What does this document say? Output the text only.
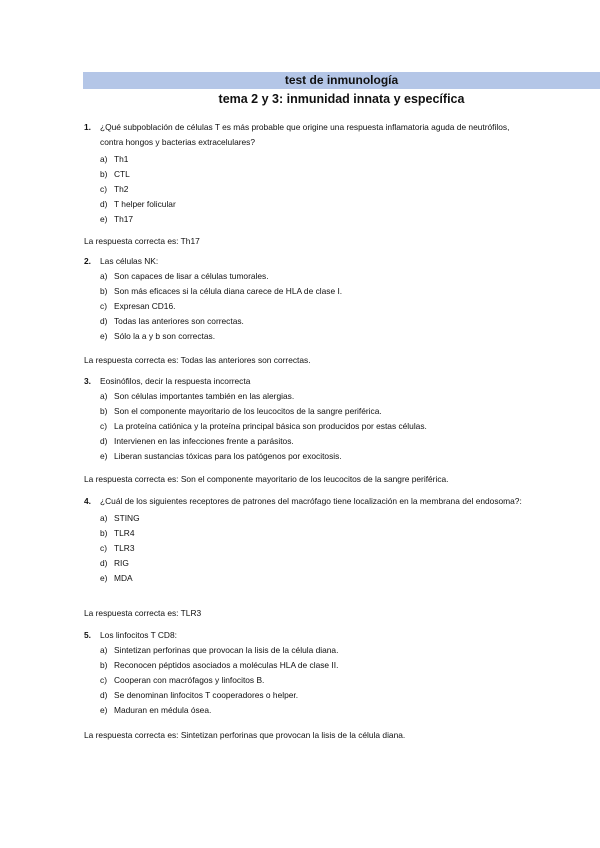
test de inmunología
tema 2 y 3: inmunidad innata y específica
1.	¿Qué subpoblación de células T es más probable que origine una respuesta inflamatoria aguda de neutrófilos, contra hongos y bacterias extracelulares?
a) Th1
b) CTL
c) Th2
d) T helper folicular
e) Th17
La respuesta correcta es: Th17
2.	Las células NK:
a) Son capaces de lisar a células tumorales.
b) Son más eficaces si la célula diana carece de HLA de clase I.
c) Expresan CD16.
d) Todas las anteriores son correctas.
e) Sólo la a y b son correctas.
La respuesta correcta es: Todas las anteriores son correctas.
3.	Eosinófilos, decir la respuesta incorrecta
a) Son células importantes también en las alergias.
b) Son el componente mayoritario de los leucocitos de la sangre periférica.
c) La proteína catiónica y la proteína principal básica son producidos por estas células.
d) Intervienen en las infecciones frente a parásitos.
e) Liberan sustancias tóxicas para los patógenos por exocitosis.
La respuesta correcta es: Son el componente mayoritario de los leucocitos de la sangre periférica.
4.	¿Cuál de los siguientes receptores de patrones del macrófago tiene localización en la membrana del endosoma?:
a) STING
b) TLR4
c) TLR3
d) RIG
e) MDA
La respuesta correcta es: TLR3
5.	Los linfocitos T CD8:
a) Sintetizan perforinas que provocan la lisis de la célula diana.
b) Reconocen péptidos asociados a moléculas HLA de clase II.
c) Cooperan con macrófagos y linfocitos B.
d) Se denominan linfocitos T cooperadores o helper.
e) Maduran en médula ósea.
La respuesta correcta es: Sintetizan perforinas que provocan la lisis de la célula diana.
